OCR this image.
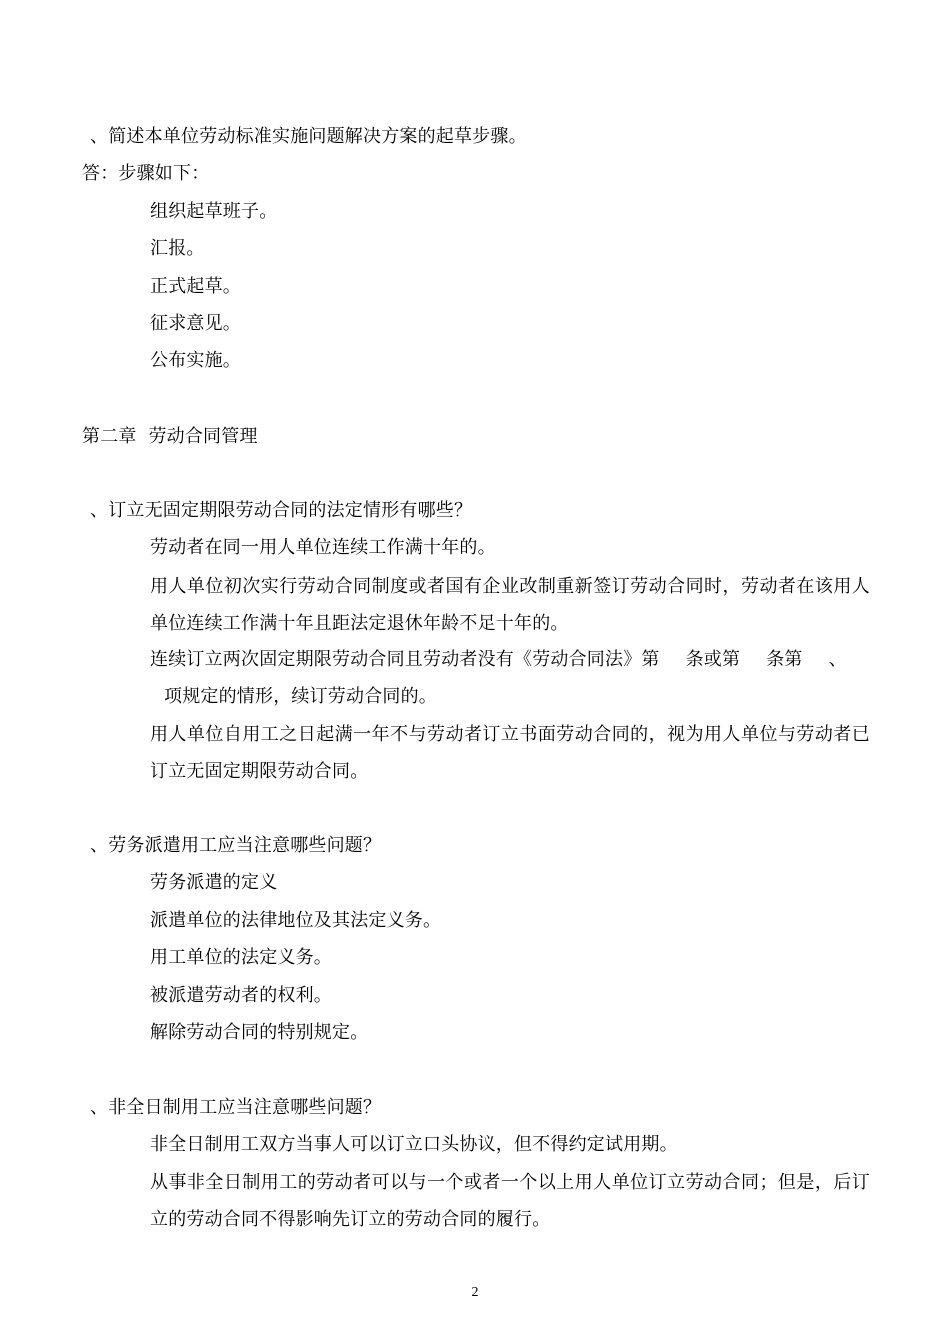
、简述本单位劳动标准实施问题解决方案的起草步骤。
答：步骤如下：
组织起草班子。
汇报。
正式起草。
征求意见。
公布实施。
第二章  劳动合同管理
、订立无固定期限劳动合同的法定情形有哪些？
劳动者在同一用人单位连续工作满十年的。
用人单位初次实行劳动合同制度或者国有企业改制重新签订劳动合同时，劳动者在该用人单位连续工作满十年且距法定退休年龄不足十年的。
连续订立两次固定期限劳动合同且劳动者没有《劳动合同法》第 条或第 条第 、
项规定的情形，续订劳动合同的。
用人单位自用工之日起满一年不与劳动者订立书面劳动合同的，视为用人单位与劳动者已订立无固定期限劳动合同。
、劳务派遣用工应当注意哪些问题？
劳务派遣的定义
派遣单位的法律地位及其法定义务。
用工单位的法定义务。
被派遣劳动者的权利。
解除劳动合同的特别规定。
、非全日制用工应当注意哪些问题？
非全日制用工双方当事人可以订立口头协议，但不得约定试用期。
从事非全日制用工的劳动者可以与一个或者一个以上用人单位订立劳动合同；但是，后订立的劳动合同不得影响先订立的劳动合同的履行。
2
